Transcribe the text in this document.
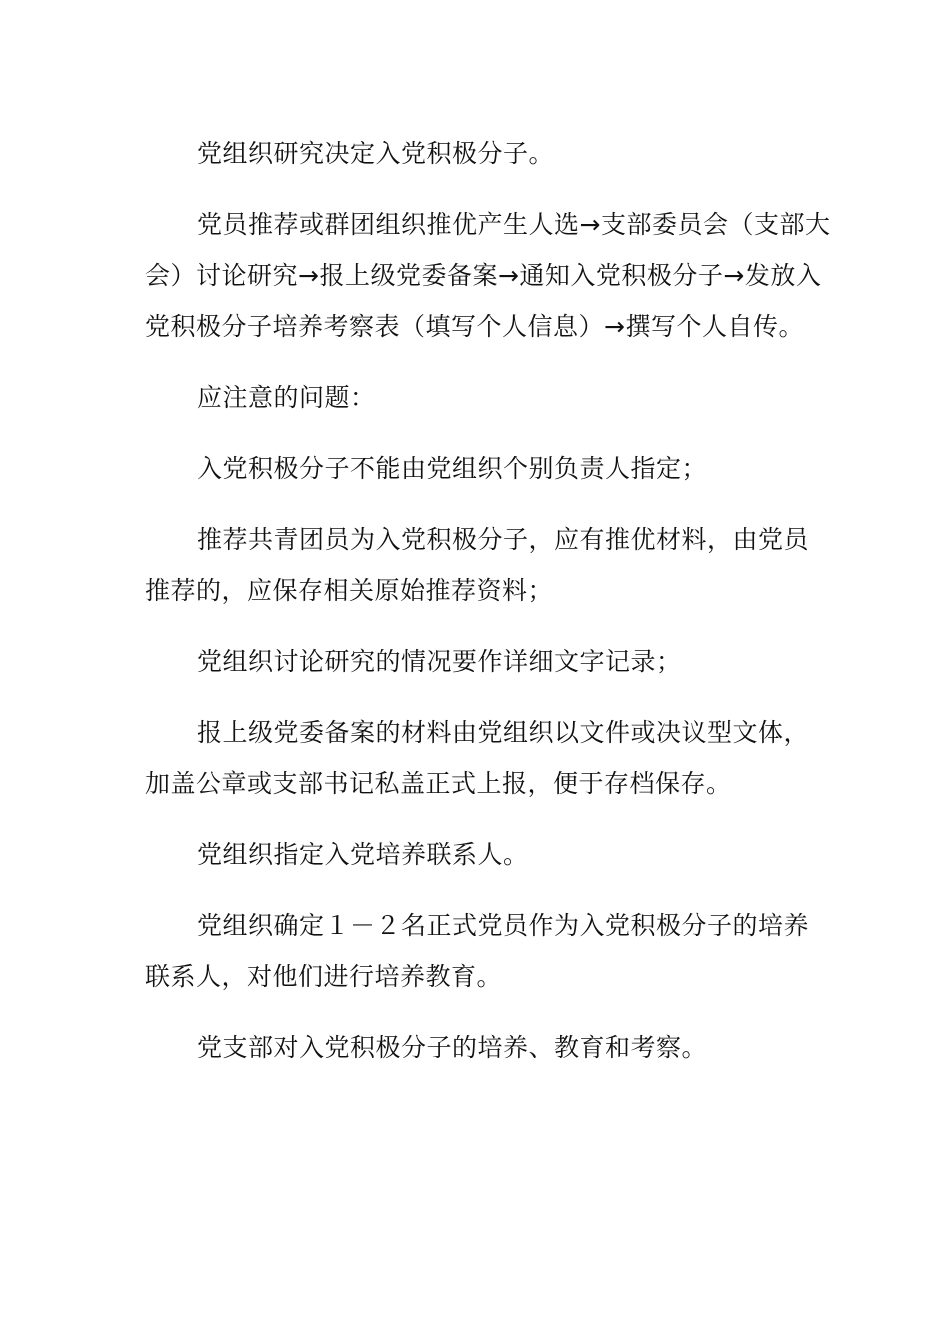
党组织研究决定入党积极分子。

党员推荐或群团组织推优产生人选→支部委员会（支部大会）讨论研究→报上级党委备案→通知入党积极分子→发放入党积极分子培养考察表（填写个人信息）→撰写个人自传。

应注意的问题：

入党积极分子不能由党组织个别负责人指定；

推荐共青团员为入党积极分子，应有推优材料，由党员推荐的，应保存相关原始推荐资料；

党组织讨论研究的情况要作详细文字记录；

报上级党委备案的材料由党组织以文件或决议型文体，加盖公章或支部书记私盖正式上报，便于存档保存。

党组织指定入党培养联系人。

党组织确定１－２名正式党员作为入党积极分子的培养联系人，对他们进行培养教育。

党支部对入党积极分子的培养、教育和考察。
